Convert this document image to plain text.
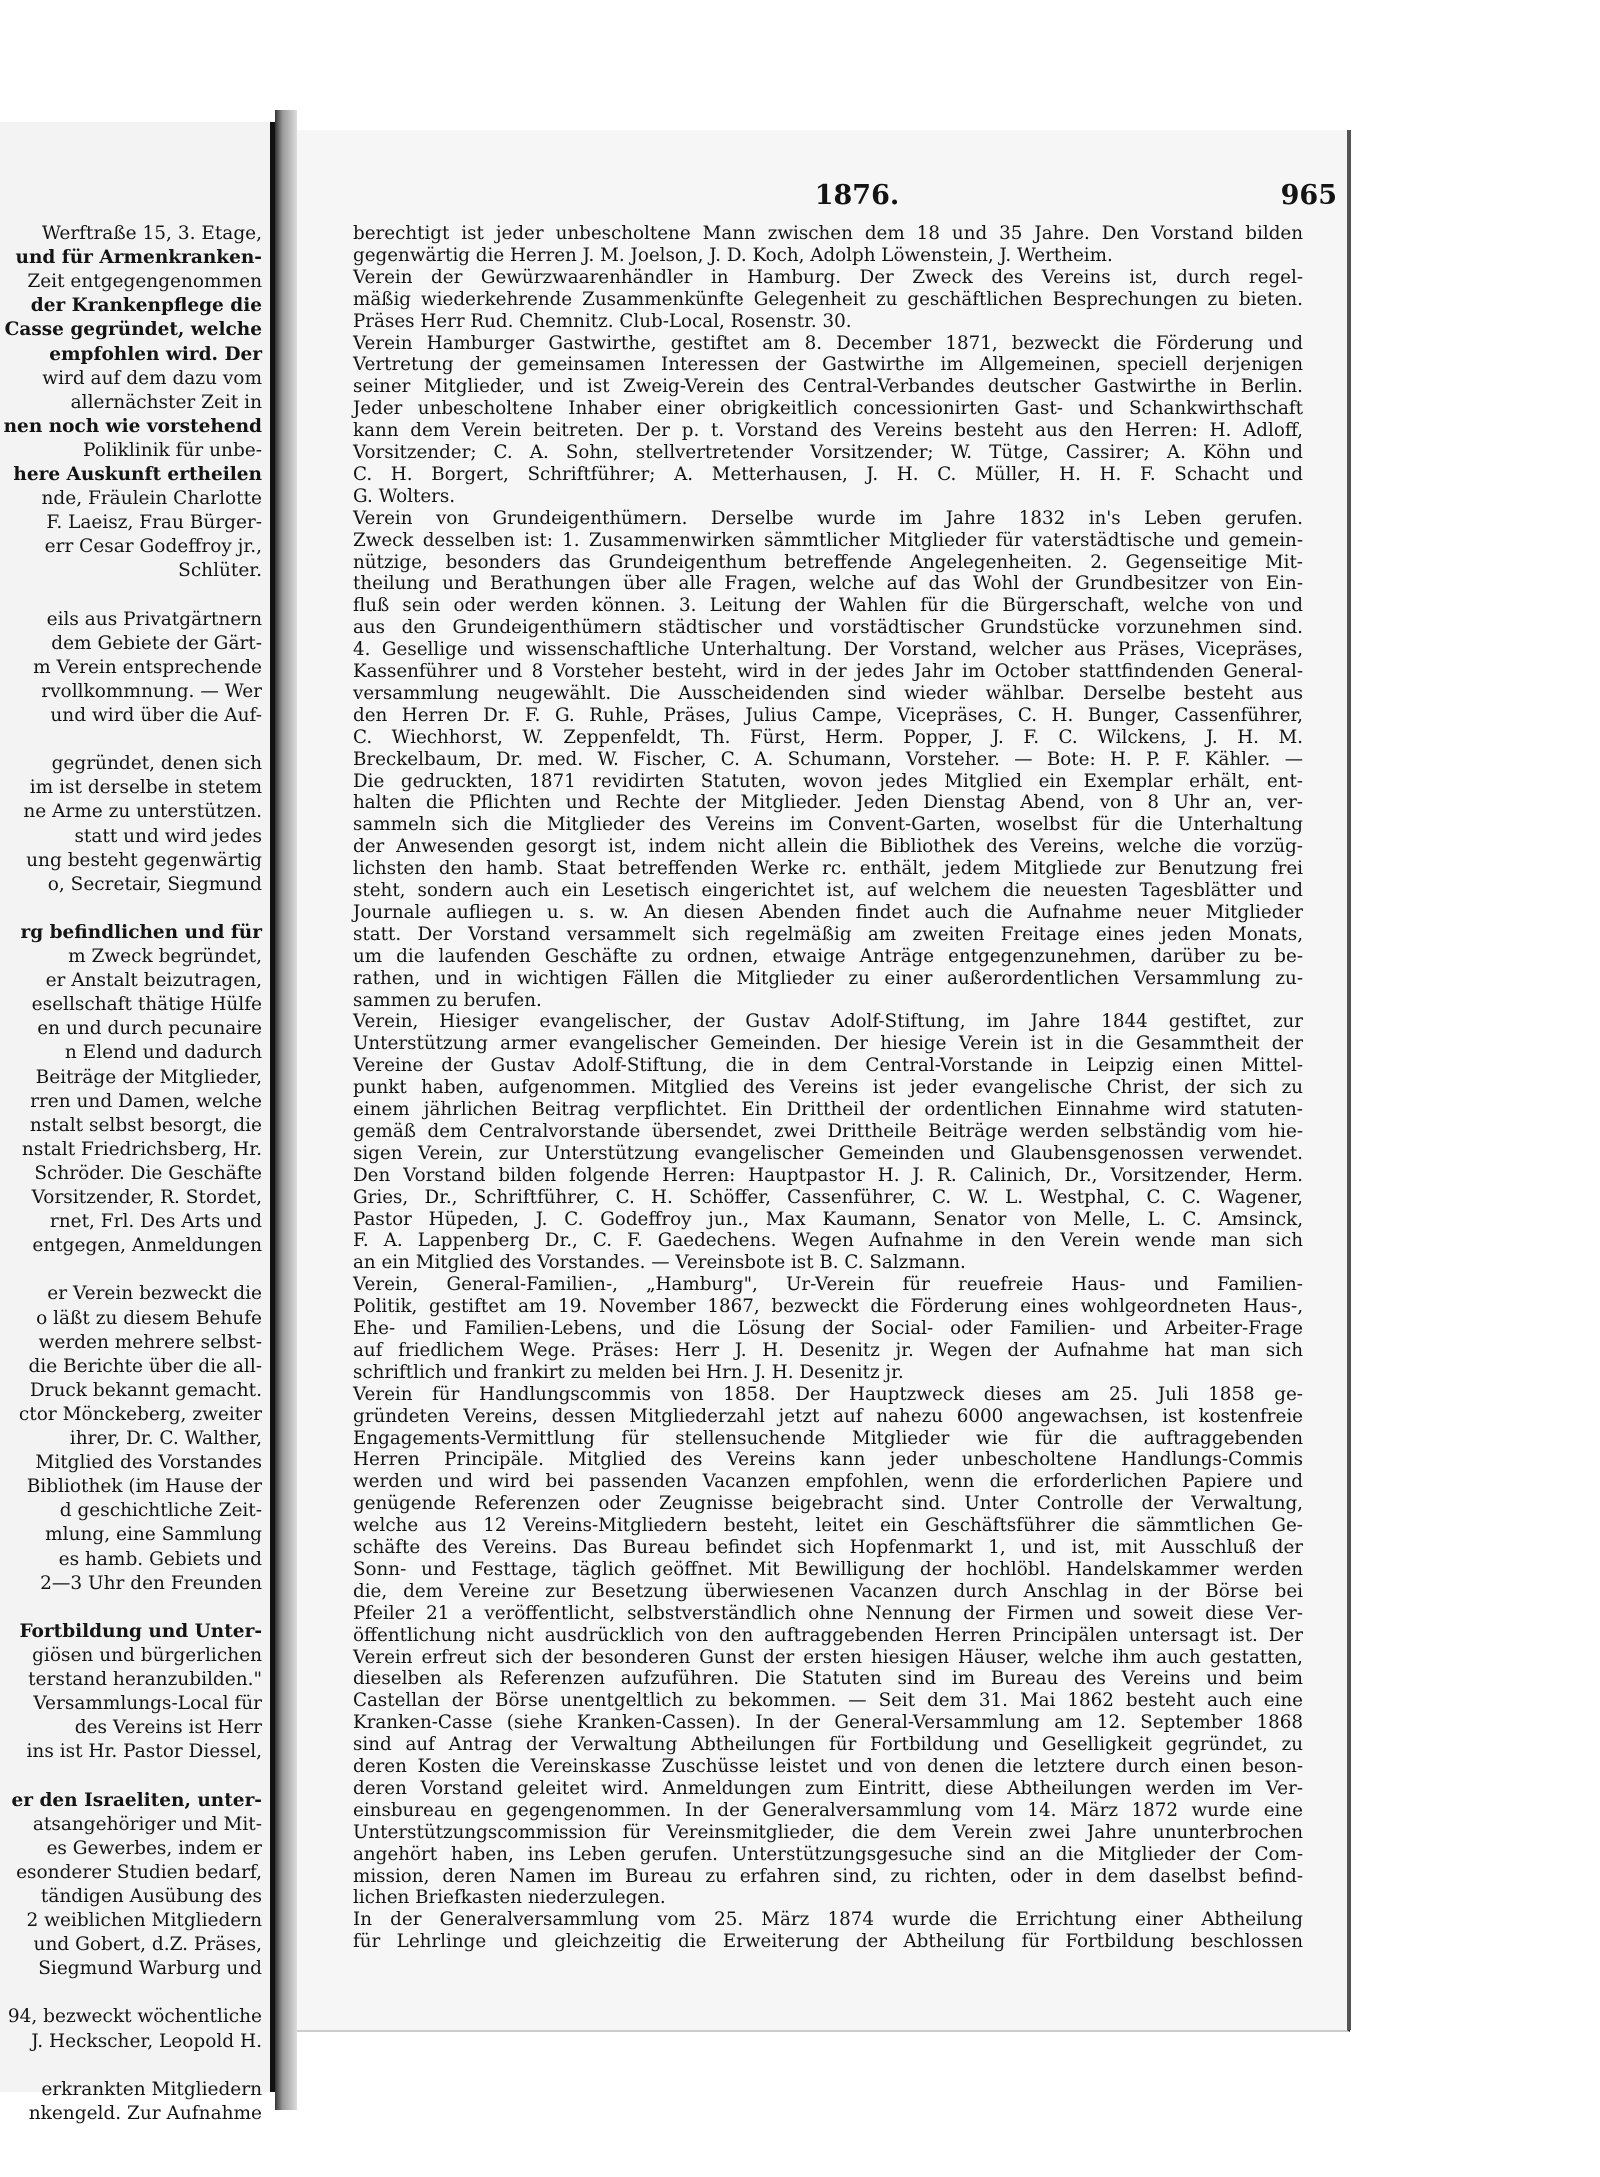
Werftraße 15, 3. Etage,
und für Armenkranken-
Zeit entgegengenommen
der Krankenpflege die
Casse gegründet, welche
empfohlen wird. Der
wird auf dem dazu vom
allernächster Zeit in
nen noch wie vorstehend
Poliklinik für unbe-
here Auskunft ertheilen
nde, Fräulein Charlotte
F. Laeisz, Frau Bürger-
err Cesar Godeffroy jr.,
Schlüter.
eils aus Privatgärtnern
dem Gebiete der Gärt-
m Verein entsprechende
rvollkommnung. — Wer
und wird über die Auf-
gegründet, denen sich
im ist derselbe in stetem
ne Arme zu unterstützen.
statt und wird jedes
ung besteht gegenwärtig
o, Secretair, Siegmund
rg befindlichen und für
m Zweck begründet,
er Anstalt beizutragen,
esellschaft thätige Hülfe
en und durch pecunaire
n Elend und dadurch
Beiträge der Mitglieder,
rren und Damen, welche
nstalt selbst besorgt, die
nstalt Friedrichsberg, Hr.
Schröder. Die Geschäfte
Vorsitzender, R. Stordet,
rnet, Frl. Des Arts und
entgegen, Anmeldungen
er Verein bezweckt die
o läßt zu diesem Behufe
werden mehrere selbst-
die Berichte über die all-
Druck bekannt gemacht.
ctor Mönckeberg, zweiter
ihrer, Dr. C. Walther,
Mitglied des Vorstandes
Bibliothek (im Hause der
d geschichtliche Zeit-
mlung, eine Sammlung
es hamb. Gebiets und
2—3 Uhr den Freunden
Fortbildung und Unter-
giösen und bürgerlichen
terstand heranzubilden."
Versammlungs-Local für
des Vereins ist Herr
ins ist Hr. Pastor Diessel,
er den Israeliten, unter-
atsangehöriger und Mit-
es Gewerbes, indem er
esonderer Studien bedarf,
tändigen Ausübung des
2 weiblichen Mitgliedern
und Gobert, d.Z. Präses,
Siegmund Warburg und
94, bezweckt wöchentliche
J. Heckscher, Leopold H.
erkrankten Mitgliedern
nkengeld. Zur Aufnahme
1876.	965
berechtigt ist jeder unbescholtene Mann zwischen dem 18 und 35 Jahre. Den Vorstand bilden
gegenwärtig die Herren J. M. Joelson, J. D. Koch, Adolph Löwenstein, J. Wertheim.
Verein der Gewürzwaarenhändler in Hamburg. Der Zweck des Vereins ist, durch regel-
mäßig wiederkehrende Zusammenkünfte Gelegenheit zu geschäftlichen Besprechungen zu bieten.
Präses Herr Rud. Chemnitz. Club-Local, Rosenstr. 30.
Verein Hamburger Gastwirthe, gestiftet am 8. December 1871, bezweckt die Förderung und
Vertretung der gemeinsamen Interessen der Gastwirthe im Allgemeinen, speciell derjenigen
seiner Mitglieder, und ist Zweig-Verein des Central-Verbandes deutscher Gastwirthe in Berlin.
Jeder unbescholtene Inhaber einer obrigkeitlich concessionirten Gast- und Schankwirthschaft
kann dem Verein beitreten. Der p. t. Vorstand des Vereins besteht aus den Herren: H. Adloff,
Vorsitzender; C. A. Sohn, stellvertretender Vorsitzender; W. Tütge, Cassirer; A. Köhn und
C. H. Borgert, Schriftführer; A. Metterhausen, J. H. C. Müller, H. H. F. Schacht und
G. Wolters.
Verein von Grundeigenthümern. Derselbe wurde im Jahre 1832 in's Leben gerufen.
Zweck desselben ist: 1. Zusammenwirken sämmtlicher Mitglieder für vaterstädtische und gemein-
nützige, besonders das Grundeigenthum betreffende Angelegenheiten. 2. Gegenseitige Mit-
theilung und Berathungen über alle Fragen, welche auf das Wohl der Grundbesitzer von Ein-
fluß sein oder werden können. 3. Leitung der Wahlen für die Bürgerschaft, welche von und
aus den Grundeigenthümern städtischer und vorstädtischer Grundstücke vorzunehmen sind.
4. Gesellige und wissenschaftliche Unterhaltung. Der Vorstand, welcher aus Präses, Vicepräses,
Kassenführer und 8 Vorsteher besteht, wird in der jedes Jahr im October stattfindenden General-
versammlung neugewählt. Die Ausscheidenden sind wieder wählbar. Derselbe besteht aus
den Herren Dr. F. G. Ruhle, Präses, Julius Campe, Vicepräses, C. H. Bunger, Cassenführer,
C. Wiechhorst, W. Zeppenfeldt, Th. Fürst, Herm. Popper, J. F. C. Wilckens, J. H. M.
Breckelbaum, Dr. med. W. Fischer, C. A. Schumann, Vorsteher. — Bote: H. P. F. Kähler. —
Die gedruckten, 1871 revidirten Statuten, wovon jedes Mitglied ein Exemplar erhält, ent-
halten die Pflichten und Rechte der Mitglieder. Jeden Dienstag Abend, von 8 Uhr an, ver-
sammeln sich die Mitglieder des Vereins im Convent-Garten, woselbst für die Unterhaltung
der Anwesenden gesorgt ist, indem nicht allein die Bibliothek des Vereins, welche die vorzüg-
lichsten den hamb. Staat betreffenden Werke rc. enthält, jedem Mitgliede zur Benutzung frei
steht, sondern auch ein Lesetisch eingerichtet ist, auf welchem die neuesten Tagesblätter und
Journale aufliegen u. s. w. An diesen Abenden findet auch die Aufnahme neuer Mitglieder
statt. Der Vorstand versammelt sich regelmäßig am zweiten Freitage eines jeden Monats,
um die laufenden Geschäfte zu ordnen, etwaige Anträge entgegenzunehmen, darüber zu be-
rathen, und in wichtigen Fällen die Mitglieder zu einer außerordentlichen Versammlung zu-
sammen zu berufen.
Verein, Hiesiger evangelischer, der Gustav Adolf-Stiftung, im Jahre 1844 gestiftet, zur
Unterstützung armer evangelischer Gemeinden. Der hiesige Verein ist in die Gesammtheit der
Vereine der Gustav Adolf-Stiftung, die in dem Central-Vorstande in Leipzig einen Mittel-
punkt haben, aufgenommen. Mitglied des Vereins ist jeder evangelische Christ, der sich zu
einem jährlichen Beitrag verpflichtet. Ein Drittheil der ordentlichen Einnahme wird statuten-
gemäß dem Centralvorstande übersendet, zwei Drittheile Beiträge werden selbständig vom hie-
sigen Verein, zur Unterstützung evangelischer Gemeinden und Glaubensgenossen verwendet.
Den Vorstand bilden folgende Herren: Hauptpastor H. J. R. Calinich, Dr., Vorsitzender, Herm.
Gries, Dr., Schriftführer, C. H. Schöffer, Cassenführer, C. W. L. Westphal, C. C. Wagener,
Pastor Hüpeden, J. C. Godeffroy jun., Max Kaumann, Senator von Melle, L. C. Amsinck,
F. A. Lappenberg Dr., C. F. Gaedechens. Wegen Aufnahme in den Verein wende man sich
an ein Mitglied des Vorstandes. — Vereinsbote ist B. C. Salzmann.
Verein, General-Familien-, „Hamburg", Ur-Verein für reuefreie Haus- und Familien-
Politik, gestiftet am 19. November 1867, bezweckt die Förderung eines wohlgeordneten Haus-,
Ehe- und Familien-Lebens, und die Lösung der Social- oder Familien- und Arbeiter-Frage
auf friedlichem Wege. Präses: Herr J. H. Desenitz jr. Wegen der Aufnahme hat man sich
schriftlich und frankirt zu melden bei Hrn. J. H. Desenitz jr.
Verein für Handlungscommis von 1858. Der Hauptzweck dieses am 25. Juli 1858 ge-
gründeten Vereins, dessen Mitgliederzahl jetzt auf nahezu 6000 angewachsen, ist kostenfreie
Engagements-Vermittlung für stellensuchende Mitglieder wie für die auftraggebenden
Herren Principäle. Mitglied des Vereins kann jeder unbescholtene Handlungs-Commis
werden und wird bei passenden Vacanzen empfohlen, wenn die erforderlichen Papiere und
genügende Referenzen oder Zeugnisse beigebracht sind. Unter Controlle der Verwaltung,
welche aus 12 Vereins-Mitgliedern besteht, leitet ein Geschäftsführer die sämmtlichen Ge-
schäfte des Vereins. Das Bureau befindet sich Hopfenmarkt 1, und ist, mit Ausschluß der
Sonn- und Festtage, täglich geöffnet. Mit Bewilligung der hochlöbl. Handelskammer werden
die, dem Vereine zur Besetzung überwiesenen Vacanzen durch Anschlag in der Börse bei
Pfeiler 21 a veröffentlicht, selbstverständlich ohne Nennung der Firmen und soweit diese Ver-
öffentlichung nicht ausdrücklich von den auftraggebenden Herren Principälen untersagt ist. Der
Verein erfreut sich der besonderen Gunst der ersten hiesigen Häuser, welche ihm auch gestatten,
dieselben als Referenzen aufzuführen. Die Statuten sind im Bureau des Vereins und beim
Castellan der Börse unentgeltlich zu bekommen. — Seit dem 31. Mai 1862 besteht auch eine
Kranken-Casse (siehe Kranken-Cassen). In der General-Versammlung am 12. September 1868
sind auf Antrag der Verwaltung Abtheilungen für Fortbildung und Geselligkeit gegründet, zu
deren Kosten die Vereinskasse Zuschüsse leistet und von denen die letztere durch einen beson-
deren Vorstand geleitet wird. Anmeldungen zum Eintritt, diese Abtheilungen werden im Ver-
einsbureau en gegengenommen. In der Generalversammlung vom 14. März 1872 wurde eine
Unterstützungscommission für Vereinsmitglieder, die dem Verein zwei Jahre ununterbrochen
angehört haben, ins Leben gerufen. Unterstützungsgesuche sind an die Mitglieder der Com-
mission, deren Namen im Bureau zu erfahren sind, zu richten, oder in dem daselbst befind-
lichen Briefkasten niederzulegen.
In der Generalversammlung vom 25. März 1874 wurde die Errichtung einer Abtheilung
für Lehrlinge und gleichzeitig die Erweiterung der Abtheilung für Fortbildung beschlossen
